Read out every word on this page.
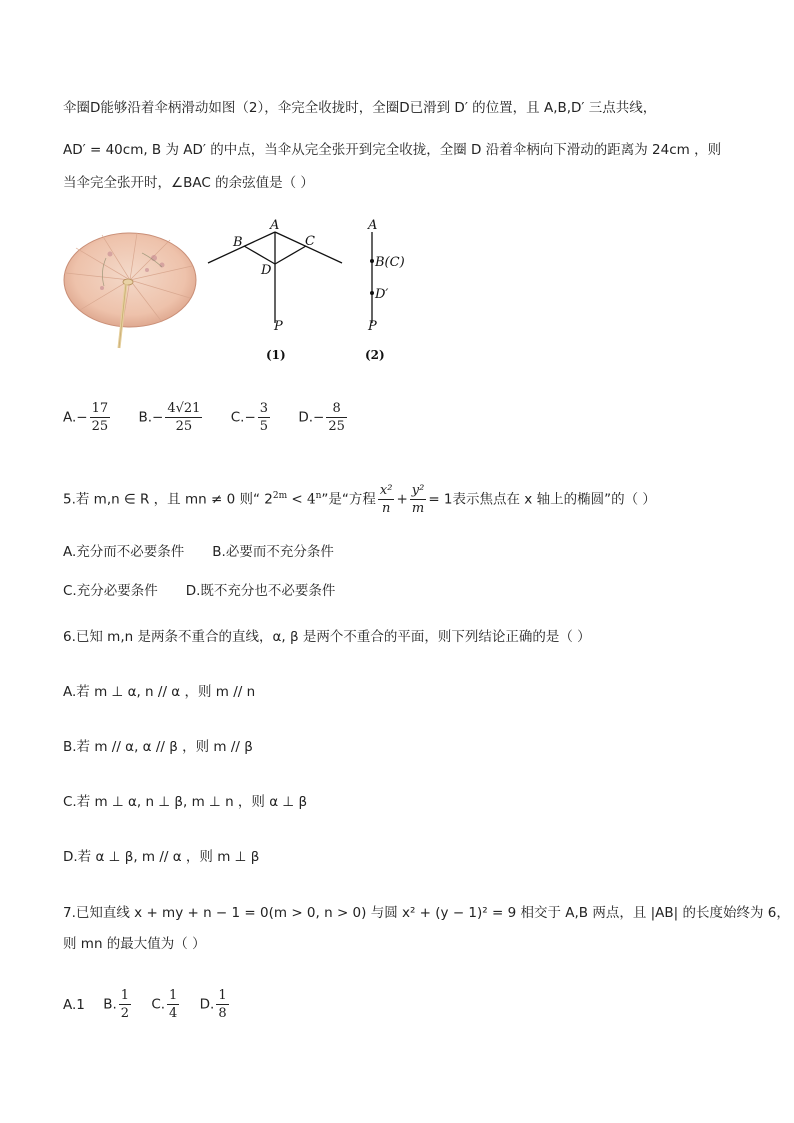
伞圈D能够沿着伞柄滑动如图（2），伞完全收拢时，全圈D已滑到 D′ 的位置，且 A,B,D′ 三点共线，
AD′ = 40cm, B 为 AD′ 的中点，当伞从完全张开到完全收拢，全圈 D 沿着伞柄向下滑动的距离为 24cm ，则
当伞完全张开时，∠BAC 的余弦值是（ ）
A
B	C
D
P
(1)
A
B(C)
D′
P
(2)
$A.- \frac{17}{25} B.- \frac{4√21}{25} C.- \frac{3}{5} D.- \frac{8}{25}$
5.若 m,n ∈ R ，且 mn ≠ 0 则“ $2^{2m} < 4^n$”是“方程 $\frac{\text{x²}}{n} + \frac{\text{y²}}{m} = 1$表示焦点在 x 轴上的椭圆”的（ ）
A.充分而不必要条件 B.必要而不充分条件
C.充分必要条件 D.既不充分也不必要条件
6.已知 m,n 是两条不重合的直线，α, β 是两个不重合的平面，则下列结论正确的是（ ）
A.若 m ⊥ α, n // α ，则 m // n
B.若 m // α, α // β ，则 m // β
C.若 m ⊥ α, n ⊥ β, m ⊥ n ，则 α ⊥ β
D.若 α ⊥ β, m // α ，则 m ⊥ β
7.已知直线 x + my + n − 1 = 0(m > 0, n > 0) 与圆 x² + (y − 1)² = 9 相交于 A,B 两点，且 |AB| 的长度始终为 6，
则 mn 的最大值为（ ）
A.1 B. $\frac{1}{2} C$. $\frac{1}{4} D$. $\frac{1}{8}$
